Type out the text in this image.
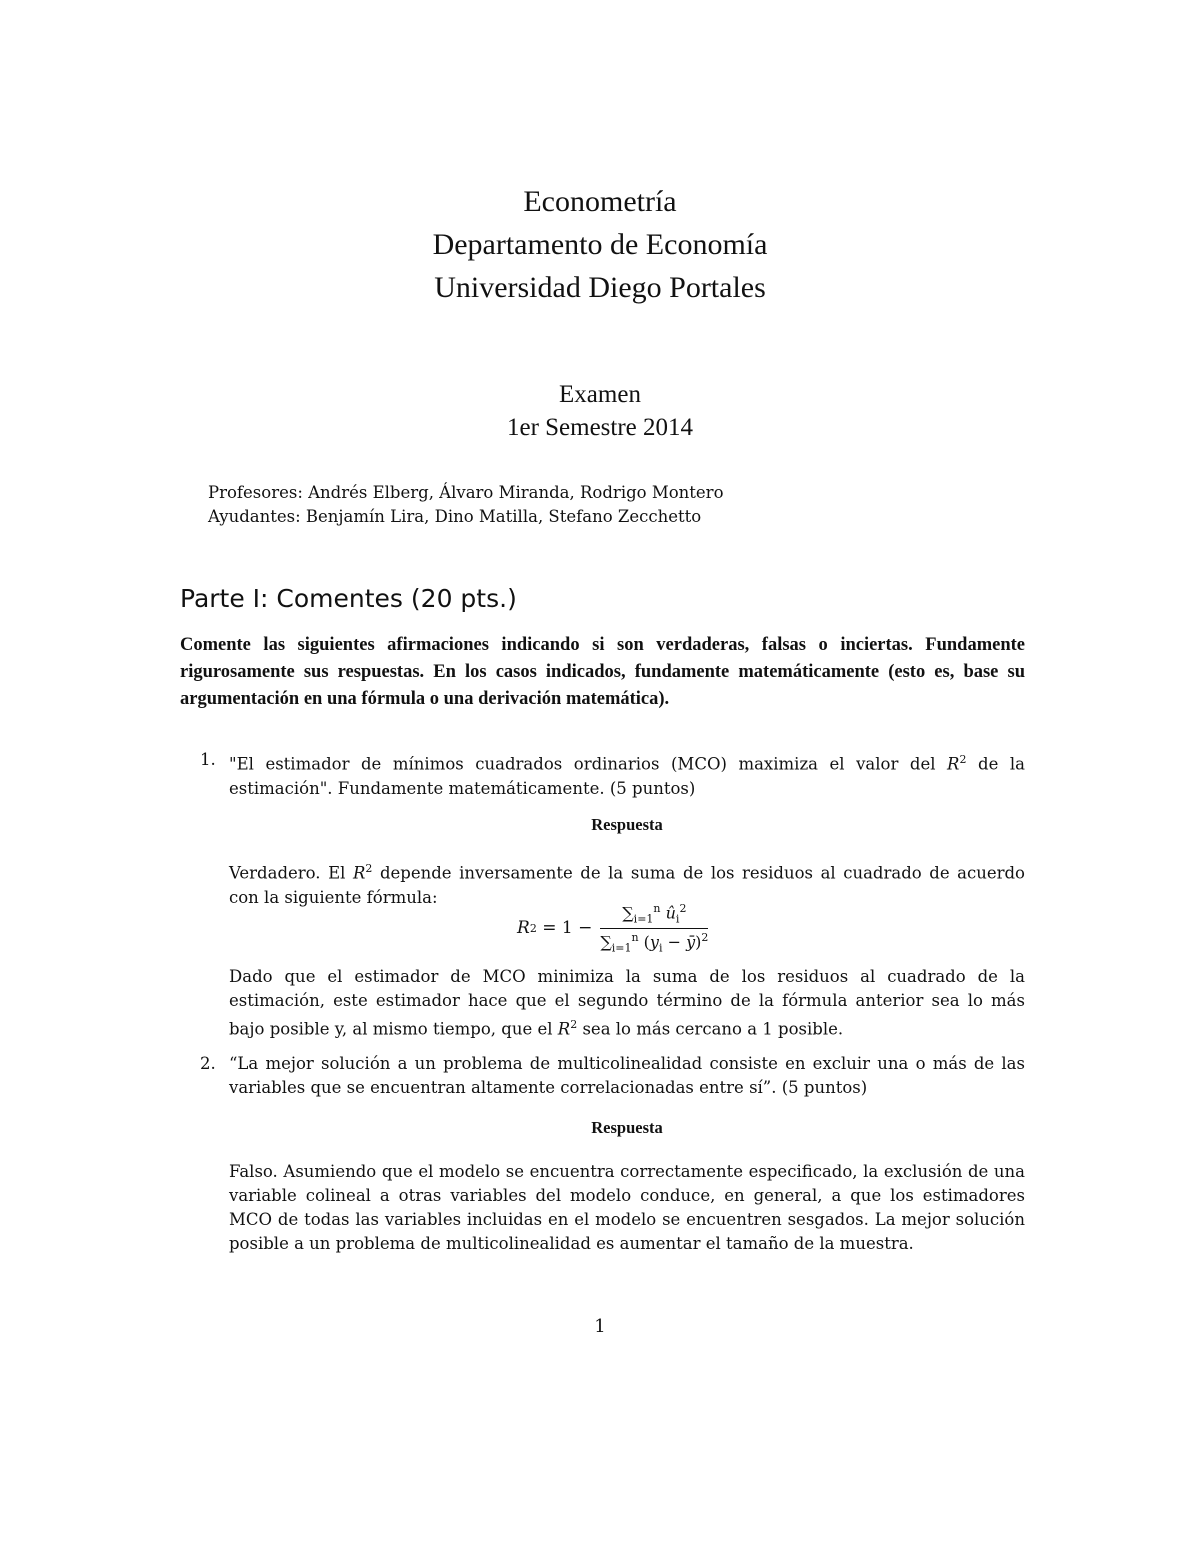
Econometría
Departamento de Economía
Universidad Diego Portales
Examen
1er Semestre 2014
Profesores: Andrés Elberg, Álvaro Miranda, Rodrigo Montero
Ayudantes: Benjamín Lira, Dino Matilla, Stefano Zecchetto
Parte I: Comentes (20 pts.)
Comente las siguientes afirmaciones indicando si son verdaderas, falsas o inciertas. Fundamente rigurosamente sus respuestas. En los casos indicados, fundamente matemáticamente (esto es, base su argumentación en una fórmula o una derivación matemática).
1. "El estimador de mínimos cuadrados ordinarios (MCO) maximiza el valor del $R^2$ de la estimación". Fundamente matemáticamente. (5 puntos)
Respuesta
Verdadero. El $R^2$ depende inversamente de la suma de los residuos al cuadrado de acuerdo con la siguiente fórmula:
R $2 = 1 - \frac{\sum_{i=1}^n û_i^2}{\sum_{i=1}^n (y_i - ȳ)^2}$
Dado que el estimador de MCO minimiza la suma de los residuos al cuadrado de la estimación, este estimador hace que el segundo término de la fórmula anterior sea lo más bajo posible y, al mismo tiempo, que el $R^2$ sea lo más cercano a 1 posible.
2. “La mejor solución a un problema de multicolinealidad consiste en excluir una o más de las variables que se encuentran altamente correlacionadas entre sí”. (5 puntos)
Respuesta
Falso. Asumiendo que el modelo se encuentra correctamente especificado, la exclusión de una variable colineal a otras variables del modelo conduce, en general, a que los estimadores MCO de todas las variables incluidas en el modelo se encuentren sesgados. La mejor solución posible a un problema de multicolinealidad es aumentar el tamaño de la muestra.
1
